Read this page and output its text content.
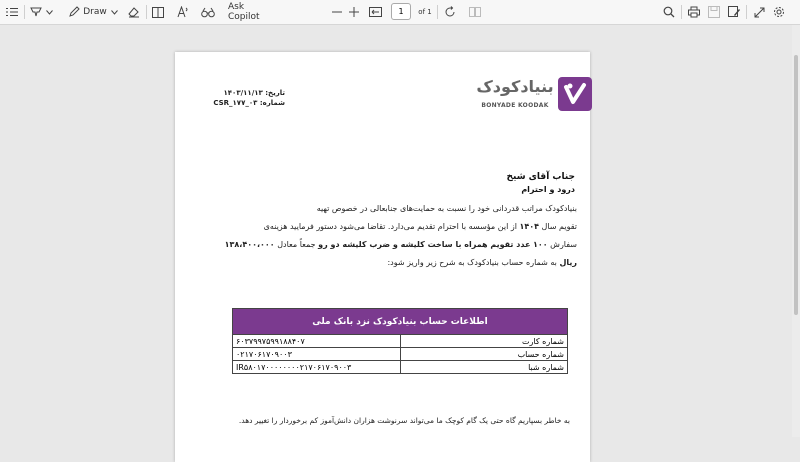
Draw	Ask Copilot
1	of 1
بنیادکودک
BONYADE KOODAK
تاریخ: ۱۴۰۳/۱۱/۱۳
شماره: CSR_۱۷۷_۰۳
جناب آقای شیخ
درود و احترام
بنیادکودک مراتب قدردانی خود را نسبت به حمایت‌های جنابعالی در خصوص تهیه
تقویم سال ۱۴۰۴ از این مؤسسه با احترام تقدیم می‌دارد. تقاضا می‌شود دستور فرمایید هزینه‌ی
سفارش ۱۰۰ عدد تقویم همراه با ساخت کلیشه و ضرب کلیشه دو رو جمعاً معادل ۱۳۸،۴۰۰،۰۰۰
ریال به شماره حساب بنیادکودک به شرح زیر واریز شود:
اطلاعات حساب بنیادکودک نزد بانک ملی	
شماره کارت	۶۰۳۷۹۹۷۵۹۹۱۸۸۴۰۷
شماره حساب	۰۲۱۷۰۶۱۷۰۹۰۰۳
شماره شبا	IR۵۸۰۱۷۰۰۰۰۰۰۰۰۲۱۷۰۶۱۷۰۹۰۰۳
به خاطر بسپاریم گاه حتی یک گام کوچک ما می‌تواند سرنوشت هزاران دانش‌آموز کم برخوردار را تغییر دهد.
